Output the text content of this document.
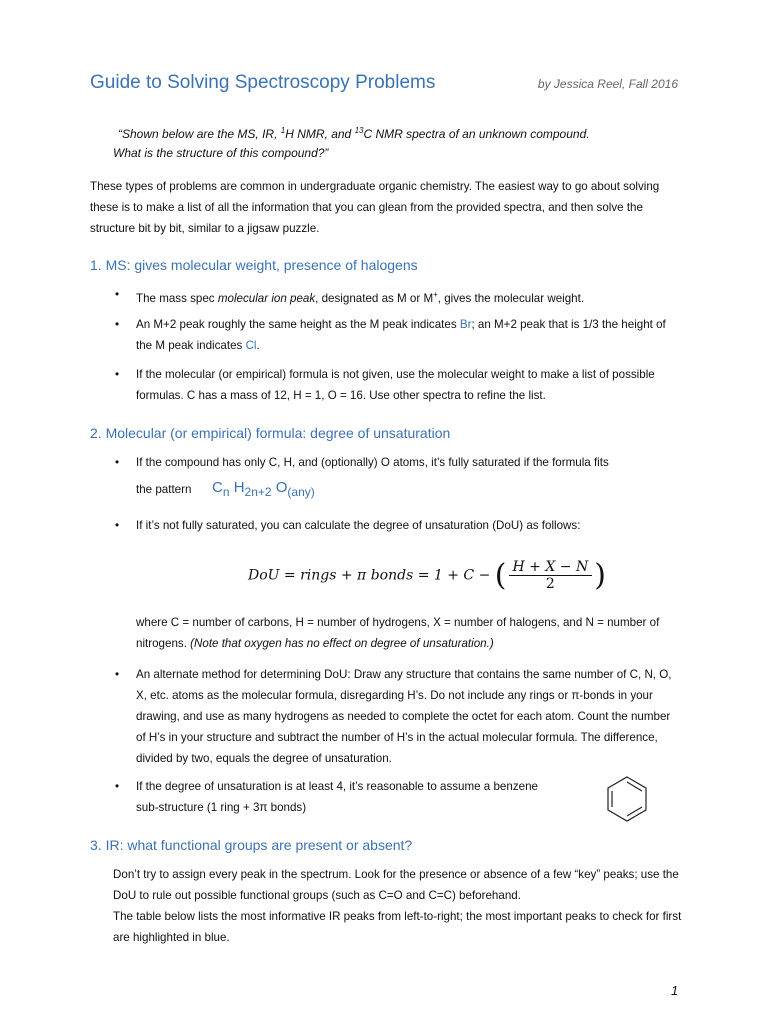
Guide to Solving Spectroscopy Problems	by Jessica Reel, Fall 2016
“Shown below are the MS, IR, $^1$H NMR, and $^{13}$C NMR spectra of an unknown compound.
What is the structure of this compound?”
These types of problems are common in undergraduate organic chemistry. The easiest way to go about solving these is to make a list of all the information that you can glean from the provided spectra, and then solve the structure bit by bit, similar to a jigsaw puzzle.
1. MS: gives molecular weight, presence of halogens
• The mass spec molecular ion peak, designated as M or M+, gives the molecular weight.
• An M+2 peak roughly the same height as the M peak indicates Br; an M+2 peak that is 1/3 the height of the M peak indicates Cl.
• If the molecular (or empirical) formula is not given, use the molecular weight to make a list of possible formulas. C has a mass of 12, H = 1, O = 16. Use other spectra to refine the list.
2. Molecular (or empirical) formula: degree of unsaturation
• If the compound has only C, H, and (optionally) O atoms, it’s fully saturated if the formula fits
the pattern	$C_n$ $H_{2n+2}$ $O_{(any)}$
• If it’s not fully saturated, you can calculate the degree of unsaturation (DoU) as follows:
DoU = rings + π bonds = 1 + C − ( $\frac{H + X - N}{2}$ )
where C = number of carbons, H = number of hydrogens, X = number of halogens, and N = number of nitrogens. (Note that oxygen has no effect on degree of unsaturation.)
• An alternate method for determining DoU: Draw any structure that contains the same number of C, N, O, X, etc. atoms as the molecular formula, disregarding H’s. Do not include any rings or π-bonds in your drawing, and use as many hydrogens as needed to complete the octet for each atom. Count the number of H’s in your structure and subtract the number of H’s in the actual molecular formula. The difference, divided by two, equals the degree of unsaturation.
• If the degree of unsaturation is at least 4, it’s reasonable to assume a benzene
sub-structure (1 ring + 3π bonds)
3. IR: what functional groups are present or absent?
Don’t try to assign every peak in the spectrum. Look for the presence or absence of a few “key” peaks; use the DoU to rule out possible functional groups (such as C=O and C=C) beforehand.
The table below lists the most informative IR peaks from left-to-right; the most important peaks to check for first are highlighted in blue.
1
